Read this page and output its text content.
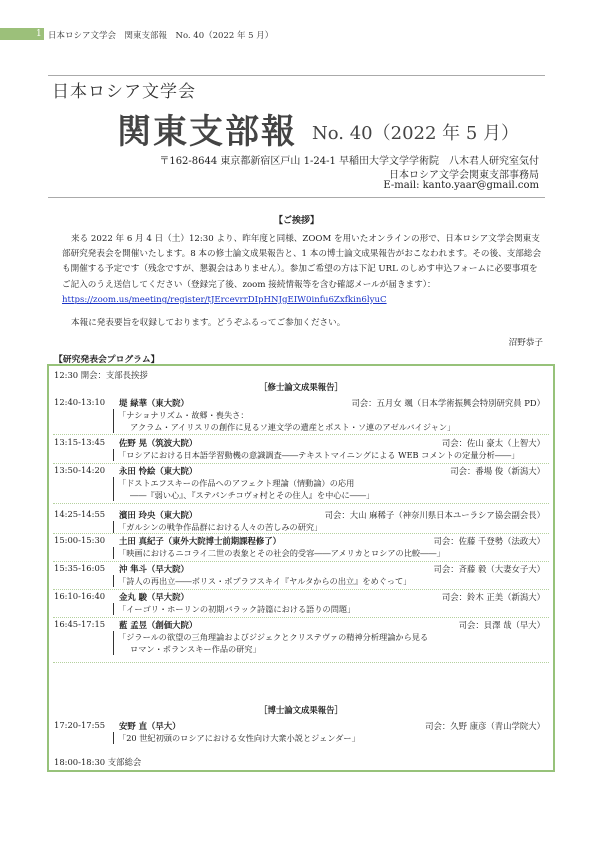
1 日本ロシア文学会　関東支部報　No. 40（2022 年 5 月）
日本ロシア文学会
関東支部報 No. 40（2022 年 5 月）
〒162-8644 東京都新宿区戸山 1-24-1 早稲田大学文学学術院　八木君人研究室気付
日本ロシア文学会関東支部事務局
E-mail: kanto.yaar@gmail.com
【ご挨拶】

来る 2022 年 6 月 4 日（土）12:30 より、昨年度と同様、ZOOM を用いたオンラインの形で、日本ロシア文学会関東支部研究発表会を開催いたします。8 本の修士論文成果報告と、1 本の博士論文成果報告がおこなわれます。その後、支部総会も開催する予定です（残念ですが、懇親会はありません）。参加ご希望の方は下記 URL のしめす申込フォームに必要事項をご記入のうえ送信してください（登録完了後、zoom 接続情報等を含む確認メールが届きます）：
https://zoom.us/meeting/register/tJErcevrrDIpHNJgEIW0infu6Zxfkin6lyuC

本報に発表要旨を収録しております。どうぞふるってご参加ください。
沼野恭子
【研究発表会プログラム】
12:30 開会：支部長挨拶
［修士論文成果報告］
［博士論文成果報告］
18:00-18:30 支部総会
12:40-13:10 堤 緑華（東大院）	司会：五月女 颯（日本学術振興会特別研究員 PD）
「ナショナリズム・故郷・喪失さ：
アクラム・アイリスリの創作に見るソ連文学の遺産とポスト・ソ連のアゼルバイジャン」
13:15-13:45 佐野 晃（筑波大院）	司会：佐山 豪太（上智大）
「ロシアにおける日本語学習動機の意識調査――テキストマイニングによる WEB コメントの定量分析――」
13:50-14:20 永田 怜絵（東大院）	司会：番場 俊（新潟大）
「ドストエフスキーの作品へのアフェクト理論（情動論）の応用
――『弱い心』、『ステパンチコヴォ村とその住人』を中心に――」
14:25-14:55 濱田 玲央（東大院）	司会：大山 麻稀子（神奈川県日本ユーラシア協会副会長）
「ガルシンの戦争作品群における人々の苦しみの研究」
15:00-15:30 土田 真紀子（東外大院博士前期課程修了）	司会：佐藤 千登勢（法政大）
「映画におけるニコライ二世の表象とその社会的受容――アメリカとロシアの比較――」
15:35-16:05 沖 隼斗（早大院）	司会：斉藤 毅（大妻女子大）
「詩人の再出立――ボリス・ポプラフスキイ『ヤルタからの出立』をめぐって」
16:10-16:40 金丸 駿（早大院）	司会：鈴木 正美（新潟大）
「イーゴリ・ホーリンの初期バラック詩篇における語りの問題」
16:45-17:15 藍 孟昱（創価大院）	司会：貝澤 哉（早大）
「ジラールの欲望の三角理論およびジジェクとクリステヴァの精神分析理論から見る
ロマン・ポランスキー作品の研究」
17:20-17:55 安野 直（早大）	司会：久野 康彦（青山学院大）
「20 世紀初頭のロシアにおける女性向け大衆小説とジェンダー」
